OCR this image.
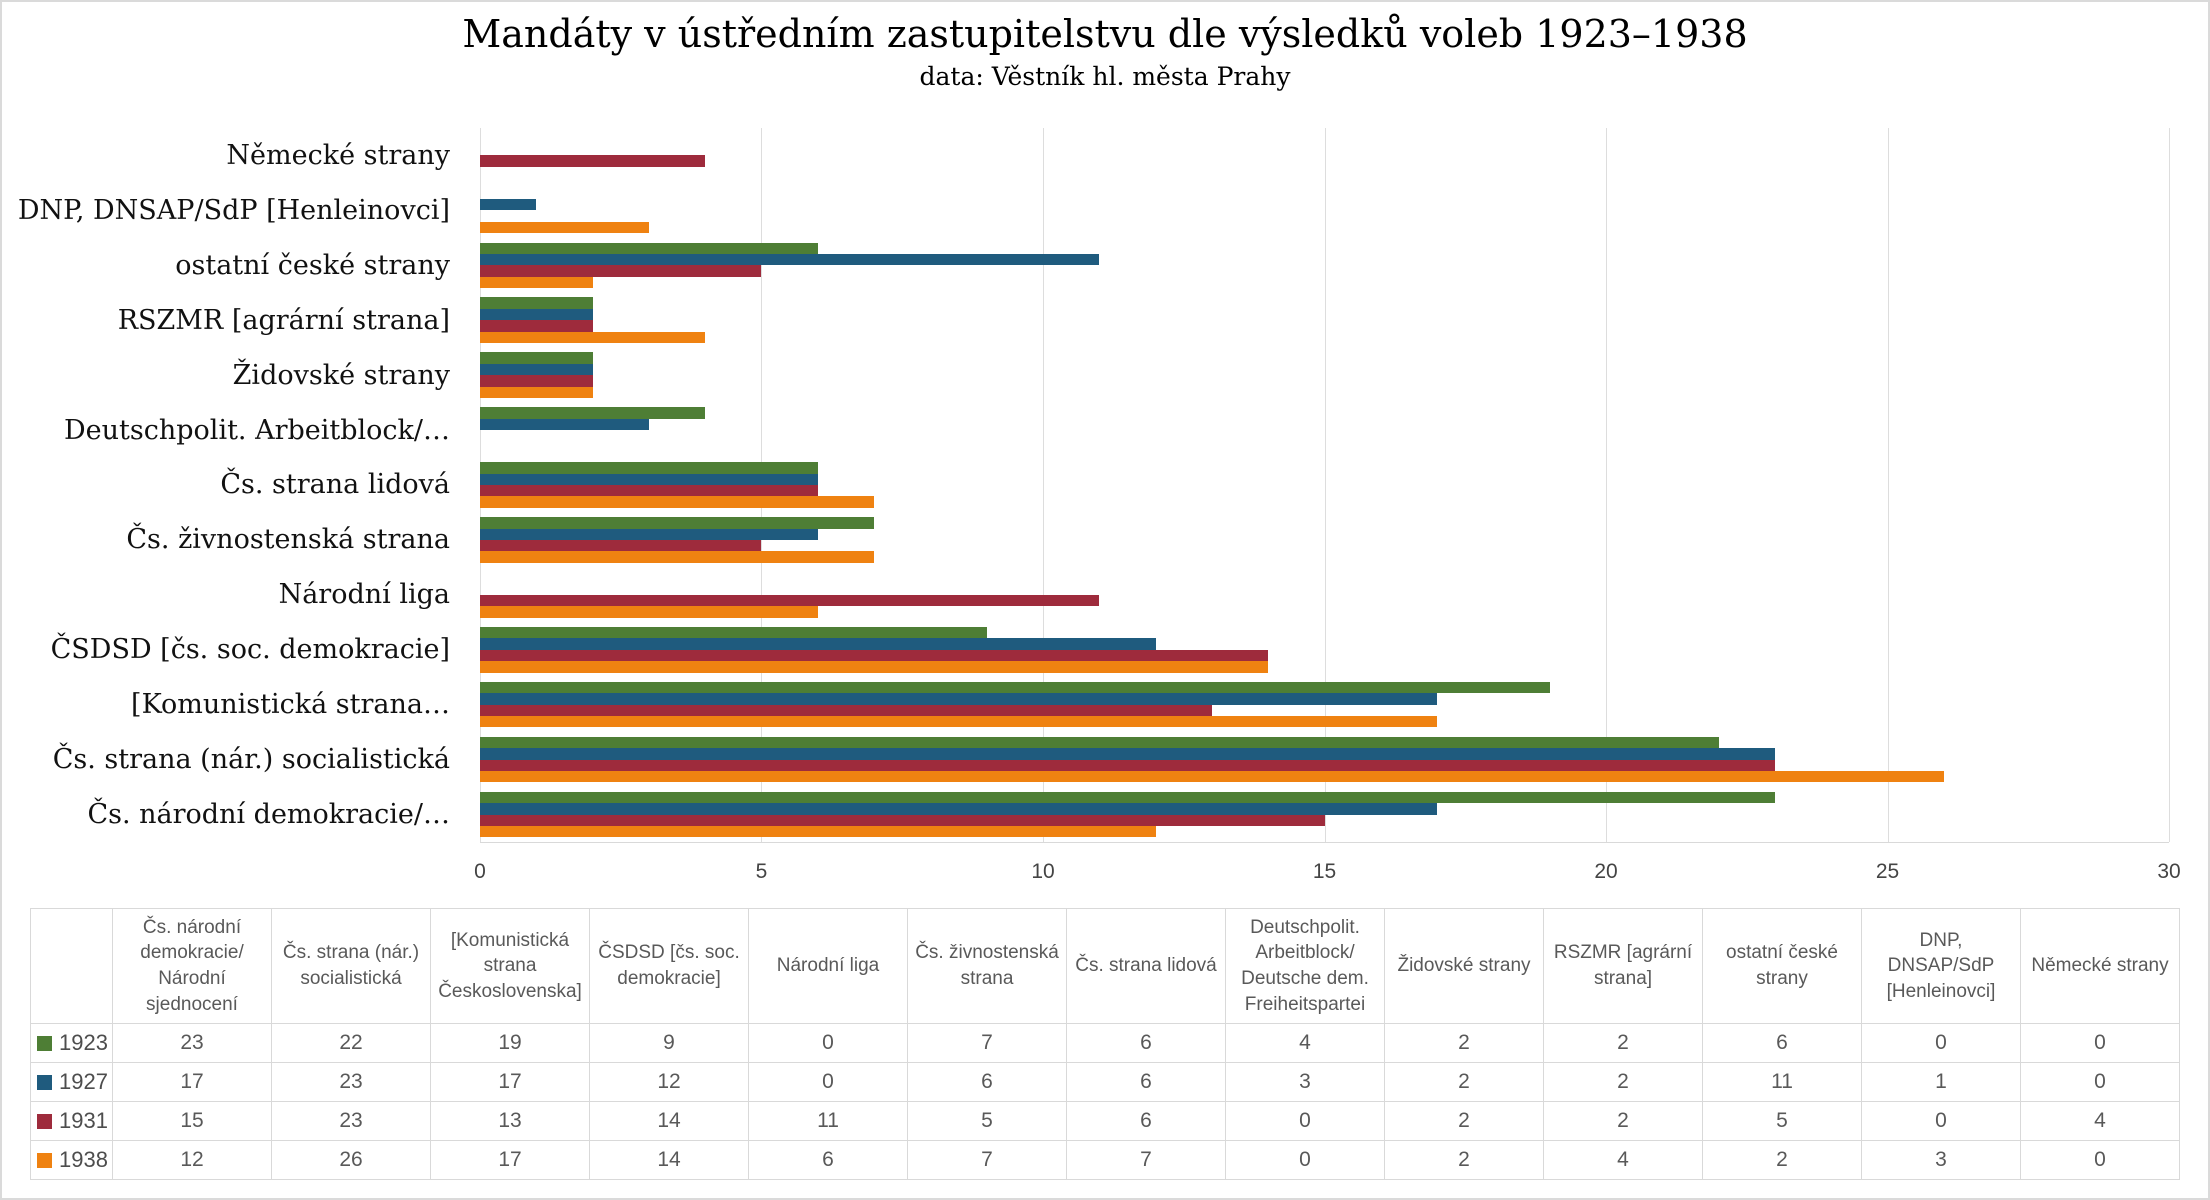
Mandáty v ústředním zastupitelstvu dle výsledků voleb 1923–1938
data: Věstník hl. města Prahy
Německé strany
DNP, DNSAP/SdP [Henleinovci]
ostatní české strany
RSZMR [agrární strana]
Židovské strany
Deutschpolit. Arbeitblock/…
Čs. strana lidová
Čs. živnostenská strana
Národní liga
ČSDSD [čs. soc. demokracie]
[Komunistická strana…
Čs. strana (nár.) socialistická
Čs. národní demokracie/…
0	5	10	15	20	25	30
	Čs. národní demokracie/ Národní sjednocení	Čs. strana (nár.) socialistická	[Komunistická strana Československa]	ČSDSD [čs. soc. demokracie]	Národní liga	Čs. živnostenská strana	Čs. strana lidová	Deutschpolit. Arbeitblock/ Deutsche dem. Freiheitspartei	Židovské strany	RSZMR [agrární strana]	ostatní české strany	DNP, DNSAP/SdP [Henleinovci]	Německé strany

1923	23	22	19	9	0	7	6	4	2	2	6	0	0

1927	17	23	17	12	0	6	6	3	2	2	11	1	0

1931	15	23	13	14	11	5	6	0	2	2	5	0	4

1938	12	26	17	14	6	7	7	0	2	4	2	3	0
